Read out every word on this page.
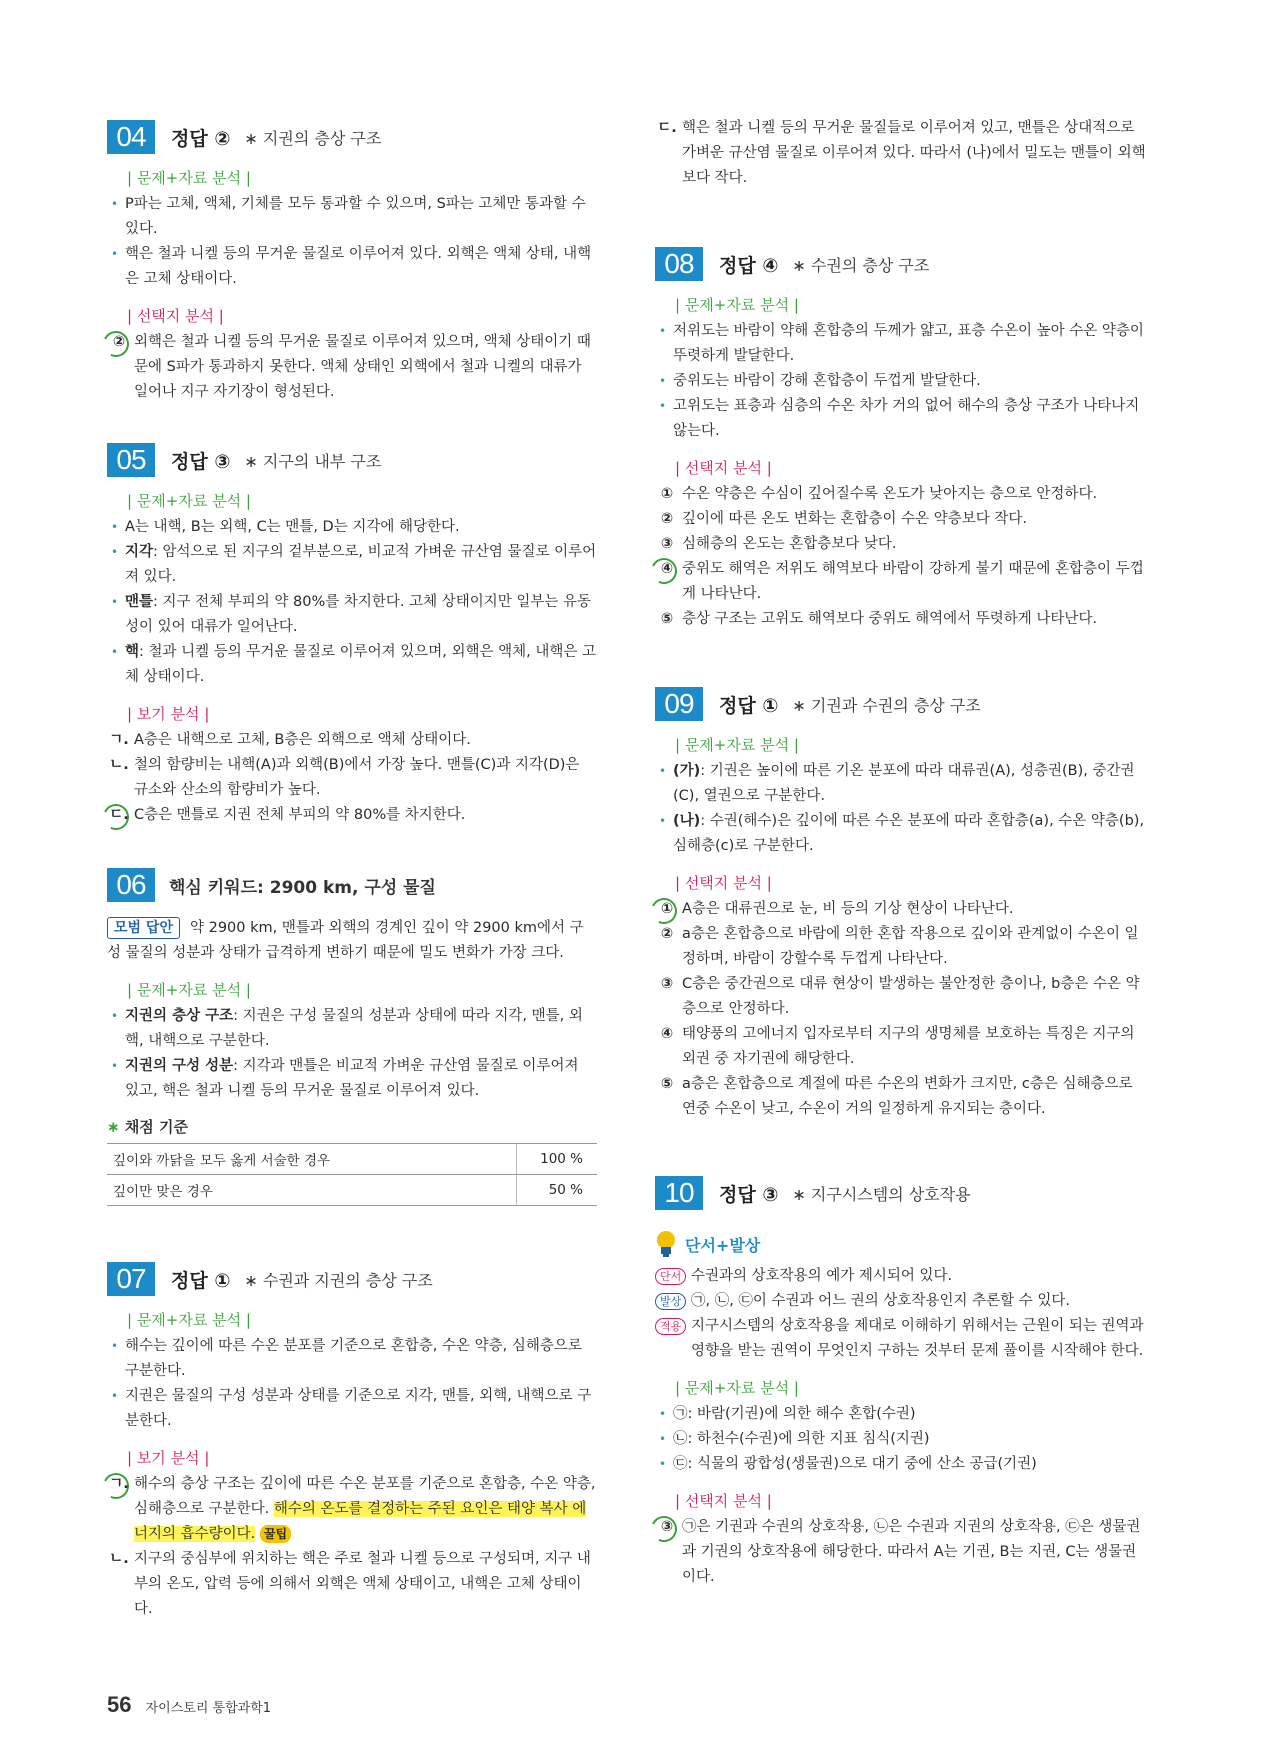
04	정답 ② ∗ 지권의 층상 구조
| 문제+자료 분석 |
• P파는 고체, 액체, 기체를 모두 통과할 수 있으며, S파는 고체만 통과할 수 있다.
• 핵은 철과 니켈 등의 무거운 물질로 이루어져 있다. 외핵은 액체 상태, 내핵은 고체 상태이다.
| 선택지 분석 |
② 외핵은 철과 니켈 등의 무거운 물질로 이루어져 있으며, 액체 상태이기 때문에 S파가 통과하지 못한다. 액체 상태인 외핵에서 철과 니켈의 대류가 일어나 지구 자기장이 형성된다.
05	정답 ③ ∗ 지구의 내부 구조
| 문제+자료 분석 |
• A는 내핵, B는 외핵, C는 맨틀, D는 지각에 해당한다.
• 지각: 암석으로 된 지구의 겉부분으로, 비교적 가벼운 규산염 물질로 이루어져 있다.
• 맨틀: 지구 전체 부피의 약 80%를 차지한다. 고체 상태이지만 일부는 유동성이 있어 대류가 일어난다.
• 핵: 철과 니켈 등의 무거운 물질로 이루어져 있으며, 외핵은 액체, 내핵은 고체 상태이다.
| 보기 분석 |
ㄱ. A층은 내핵으로 고체, B층은 외핵으로 액체 상태이다.
ㄴ. 철의 함량비는 내핵(A)과 외핵(B)에서 가장 높다. 맨틀(C)과 지각(D)은 규소와 산소의 함량비가 높다.
ㄷ. C층은 맨틀로 지권 전체 부피의 약 80%를 차지한다.
06	핵심 키워드: 2900 km, 구성 물질
모범 답안 약 2900 km, 맨틀과 외핵의 경계인 깊이 약 2900 km에서 구성 물질의 성분과 상태가 급격하게 변하기 때문에 밀도 변화가 가장 크다.
| 문제+자료 분석 |
• 지권의 층상 구조: 지권은 구성 물질의 성분과 상태에 따라 지각, 맨틀, 외핵, 내핵으로 구분한다.
• 지권의 구성 성분: 지각과 맨틀은 비교적 가벼운 규산염 물질로 이루어져 있고, 핵은 철과 니켈 등의 무거운 물질로 이루어져 있다.
∗ 채점 기준
깊이와 까닭을 모두 옳게 서술한 경우	100 %
깊이만 맞은 경우	50 %
07	정답 ① ∗ 수권과 지권의 층상 구조
| 문제+자료 분석 |
• 해수는 깊이에 따른 수온 분포를 기준으로 혼합층, 수온 약층, 심해층으로 구분한다.
• 지권은 물질의 구성 성분과 상태를 기준으로 지각, 맨틀, 외핵, 내핵으로 구분한다.
| 보기 분석 |
ㄱ. 해수의 층상 구조는 깊이에 따른 수온 분포를 기준으로 혼합층, 수온 약층, 심해층으로 구분한다. 해수의 온도를 결정하는 주된 요인은 태양 복사 에너지의 흡수량이다. 꿀팁
ㄴ. 지구의 중심부에 위치하는 핵은 주로 철과 니켈 등으로 구성되며, 지구 내부의 온도, 압력 등에 의해서 외핵은 액체 상태이고, 내핵은 고체 상태이다.
ㄷ. 핵은 철과 니켈 등의 무거운 물질들로 이루어져 있고, 맨틀은 상대적으로 가벼운 규산염 물질로 이루어져 있다. 따라서 (나)에서 밀도는 맨틀이 외핵보다 작다.
08	정답 ④ ∗ 수권의 층상 구조
| 문제+자료 분석 |
• 저위도는 바람이 약해 혼합층의 두께가 얇고, 표층 수온이 높아 수온 약층이 뚜렷하게 발달한다.
• 중위도는 바람이 강해 혼합층이 두껍게 발달한다.
• 고위도는 표층과 심층의 수온 차가 거의 없어 해수의 층상 구조가 나타나지 않는다.
| 선택지 분석 |
① 수온 약층은 수심이 깊어질수록 온도가 낮아지는 층으로 안정하다.
② 깊이에 따른 온도 변화는 혼합층이 수온 약층보다 작다.
③ 심해층의 온도는 혼합층보다 낮다.
④ 중위도 해역은 저위도 해역보다 바람이 강하게 불기 때문에 혼합층이 두껍게 나타난다.
⑤ 층상 구조는 고위도 해역보다 중위도 해역에서 뚜렷하게 나타난다.
09	정답 ① ∗ 기권과 수권의 층상 구조
| 문제+자료 분석 |
• (가): 기권은 높이에 따른 기온 분포에 따라 대류권(A), 성층권(B), 중간권(C), 열권으로 구분한다.
• (나): 수권(해수)은 깊이에 따른 수온 분포에 따라 혼합층(a), 수온 약층(b), 심해층(c)로 구분한다.
| 선택지 분석 |
① A층은 대류권으로 눈, 비 등의 기상 현상이 나타난다.
② a층은 혼합층으로 바람에 의한 혼합 작용으로 깊이와 관계없이 수온이 일정하며, 바람이 강할수록 두껍게 나타난다.
③ C층은 중간권으로 대류 현상이 발생하는 불안정한 층이나, b층은 수온 약층으로 안정하다.
④ 태양풍의 고에너지 입자로부터 지구의 생명체를 보호하는 특징은 지구의 외권 중 자기권에 해당한다.
⑤ a층은 혼합층으로 계절에 따른 수온의 변화가 크지만, c층은 심해층으로 연중 수온이 낮고, 수온이 거의 일정하게 유지되는 층이다.
10	정답 ③ ∗ 지구시스템의 상호작용
단서+발상
단서 수권과의 상호작용의 예가 제시되어 있다.
발상 ㉠, ㉡, ㉢이 수권과 어느 권의 상호작용인지 추론할 수 있다.
적용 지구시스템의 상호작용을 제대로 이해하기 위해서는 근원이 되는 권역과 영향을 받는 권역이 무엇인지 구하는 것부터 문제 풀이를 시작해야 한다.
| 문제+자료 분석 |
• ㉠: 바람(기권)에 의한 해수 혼합(수권)
• ㉡: 하천수(수권)에 의한 지표 침식(지권)
• ㉢: 식물의 광합성(생물권)으로 대기 중에 산소 공급(기권)
| 선택지 분석 |
③ ㉠은 기권과 수권의 상호작용, ㉡은 수권과 지권의 상호작용, ㉢은 생물권과 기권의 상호작용에 해당한다. 따라서 A는 기권, B는 지권, C는 생물권이다.
56 자이스토리 통합과학1
